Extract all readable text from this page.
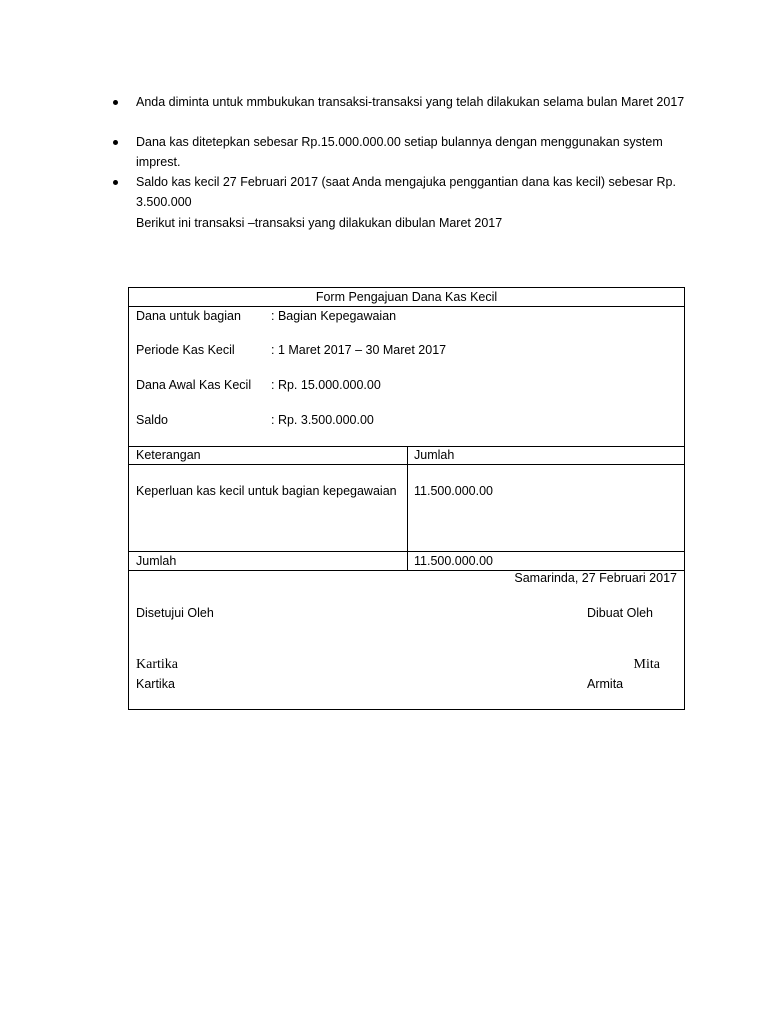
Anda diminta untuk mmbukukan transaksi-transaksi yang telah dilakukan selama bulan Maret 2017
Dana kas ditetepkan sebesar Rp.15.000.000.00 setiap bulannya dengan menggunakan system imprest.
Saldo kas kecil 27 Februari 2017 (saat Anda mengajuka penggantian dana kas kecil) sebesar Rp. 3.500.000
Berikut ini transaksi –transaksi yang dilakukan dibulan Maret 2017
Form Pengajuan Dana Kas Kecil
Dana untuk bagian : Bagian Kepegawaian
Periode Kas Kecil	: 1 Maret 2017 – 30 Maret 2017
Dana Awal Kas Kecil : Rp. 15.000.000.00
Saldo	: Rp. 3.500.000.00
Keterangan	Jumlah
Keperluan kas kecil untuk bagian kepegawaian 11.500.000.00
Jumlah	11.500.000.00
Samarinda, 27 Februari 2017
Disetujui Oleh	Dibuat Oleh
Kartika	Mita
Kartika	Armita
